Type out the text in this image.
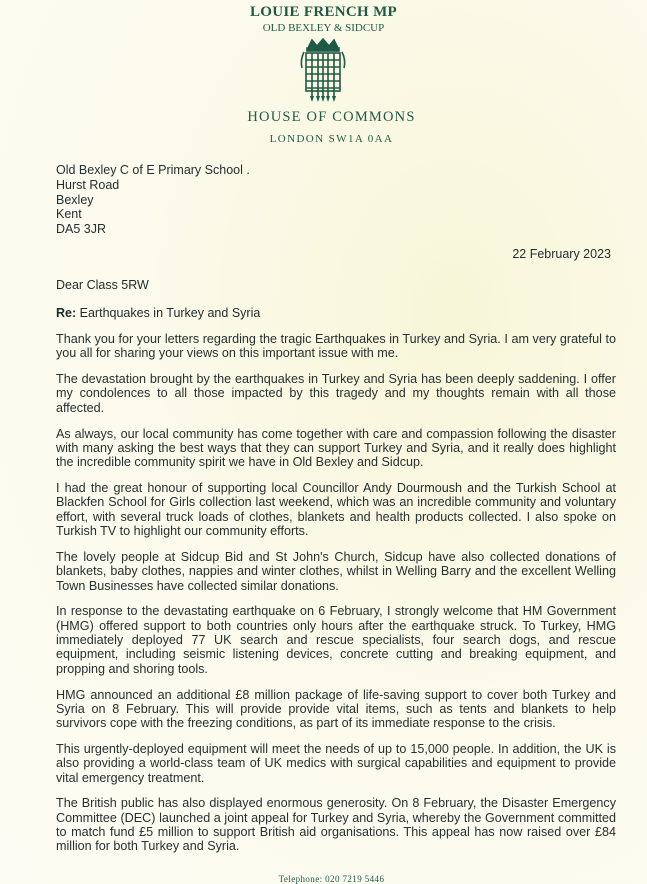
LOUIE FRENCH MP
OLD BEXLEY & SIDCUP
HOUSE OF COMMONS
LONDON SW1A 0AA
Old Bexley C of E Primary School .
Hurst Road
Bexley
Kent
DA5 3JR
22 February 2023
Dear Class 5RW
Re: Earthquakes in Turkey and Syria

Thank you for your letters regarding the tragic Earthquakes in Turkey and Syria. I am very grateful to you all for sharing your views on this important issue with me.

The devastation brought by the earthquakes in Turkey and Syria has been deeply saddening. I offer my condolences to all those impacted by this tragedy and my thoughts remain with all those affected.

As always, our local community has come together with care and compassion following the disaster with many asking the best ways that they can support Turkey and Syria, and it really does highlight the incredible community spirit we have in Old Bexley and Sidcup.

I had the great honour of supporting local Councillor Andy Dourmoush and the Turkish School at Blackfen School for Girls collection last weekend, which was an incredible community and voluntary effort, with several truck loads of clothes, blankets and health products collected. I also spoke on Turkish TV to highlight our community efforts.

The lovely people at Sidcup Bid and St John's Church, Sidcup have also collected donations of blankets, baby clothes, nappies and winter clothes, whilst in Welling Barry and the excellent Welling Town Businesses have collected similar donations.

In response to the devastating earthquake on 6 February, I strongly welcome that HM Government (HMG) offered support to both countries only hours after the earthquake struck. To Turkey, HMG immediately deployed 77 UK search and rescue specialists, four search dogs, and rescue equipment, including seismic listening devices, concrete cutting and breaking equipment, and propping and shoring tools.

HMG announced an additional £8 million package of life-saving support to cover both Turkey and Syria on 8 February. This will provide provide vital items, such as tents and blankets to help survivors cope with the freezing conditions, as part of its immediate response to the crisis.

This urgently-deployed equipment will meet the needs of up to 15,000 people. In addition, the UK is also providing a world-class team of UK medics with surgical capabilities and equipment to provide vital emergency treatment.

The British public has also displayed enormous generosity. On 8 February, the Disaster Emergency Committee (DEC) launched a joint appeal for Turkey and Syria, whereby the Government committed to match fund £5 million to support British aid organisations. This appeal has now raised over £84 million for both Turkey and Syria.

Telephone: 020 7219 5446
